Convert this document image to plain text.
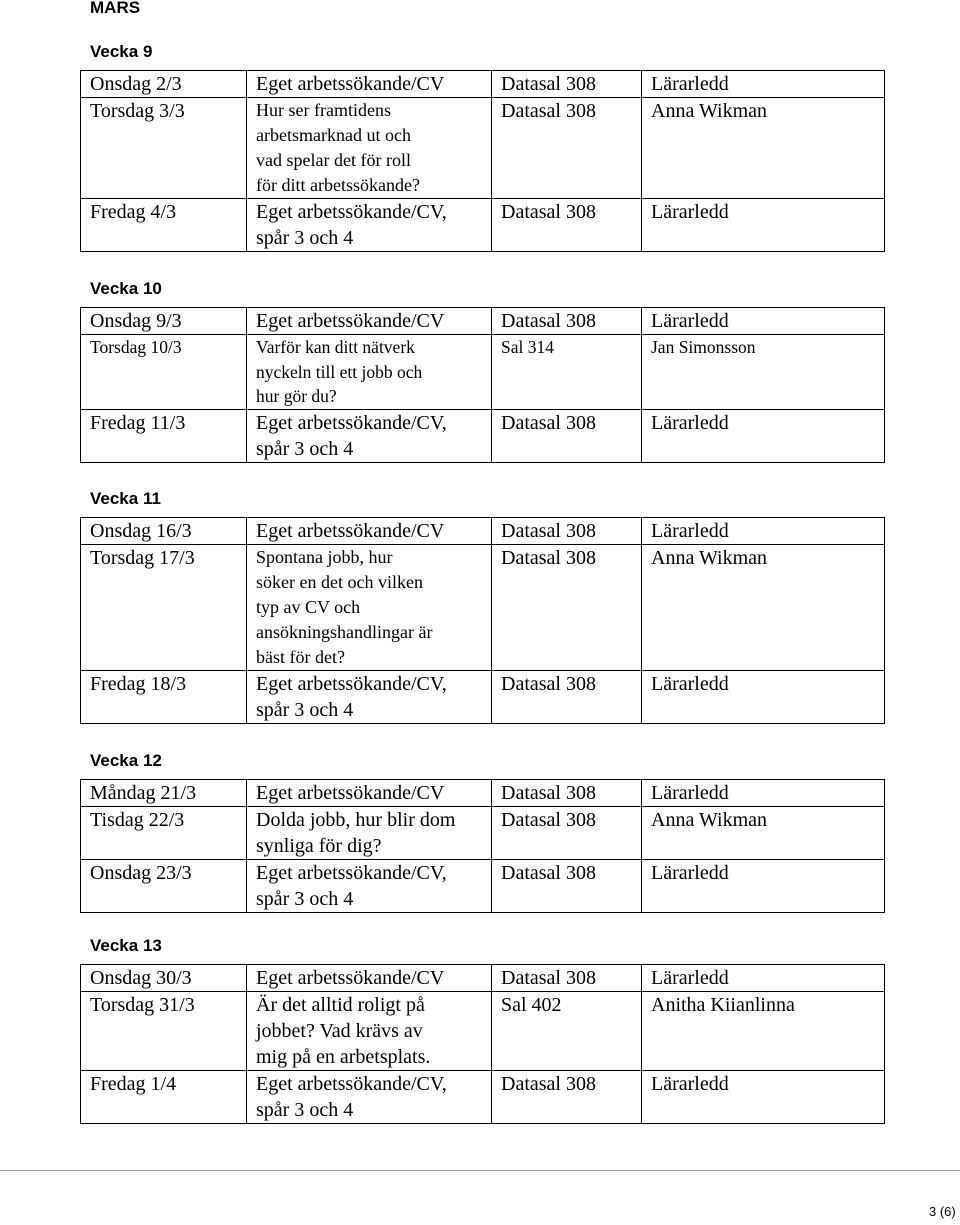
MARS
Vecka 9
Onsdag 2/3	Eget arbetssökande/CV	Datasal 308	Lärarledd
Torsdag 3/3	Hur ser framtidens
arbetsmarknad ut och
vad spelar det för roll
för ditt arbetssökande?	Datasal 308	Anna Wikman
Fredag 4/3	Eget arbetssökande/CV,
spår 3 och 4	Datasal 308	Lärarledd
Vecka 10
Onsdag 9/3	Eget arbetssökande/CV	Datasal 308	Lärarledd
Torsdag 10/3	Varför kan ditt nätverk
nyckeln till ett jobb och
hur gör du?	Sal 314	Jan Simonsson
Fredag 11/3	Eget arbetssökande/CV,
spår 3 och 4	Datasal 308	Lärarledd
Vecka 11
Onsdag 16/3	Eget arbetssökande/CV	Datasal 308	Lärarledd
Torsdag 17/3	Spontana jobb, hur
söker en det och vilken
typ av CV och
ansökningshandlingar är
bäst för det?	Datasal 308	Anna Wikman
Fredag 18/3	Eget arbetssökande/CV,
spår 3 och 4	Datasal 308	Lärarledd
Vecka 12
Måndag 21/3	Eget arbetssökande/CV	Datasal 308	Lärarledd
Tisdag 22/3	Dolda jobb, hur blir dom
synliga för dig?	Datasal 308	Anna Wikman
Onsdag 23/3	Eget arbetssökande/CV,
spår 3 och 4	Datasal 308	Lärarledd
Vecka 13
Onsdag 30/3	Eget arbetssökande/CV	Datasal 308	Lärarledd
Torsdag 31/3	Är det alltid roligt på
jobbet? Vad krävs av
mig på en arbetsplats.	Sal 402	Anitha Kiianlinna
Fredag 1/4	Eget arbetssökande/CV,
spår 3 och 4	Datasal 308	Lärarledd
3 (6)
